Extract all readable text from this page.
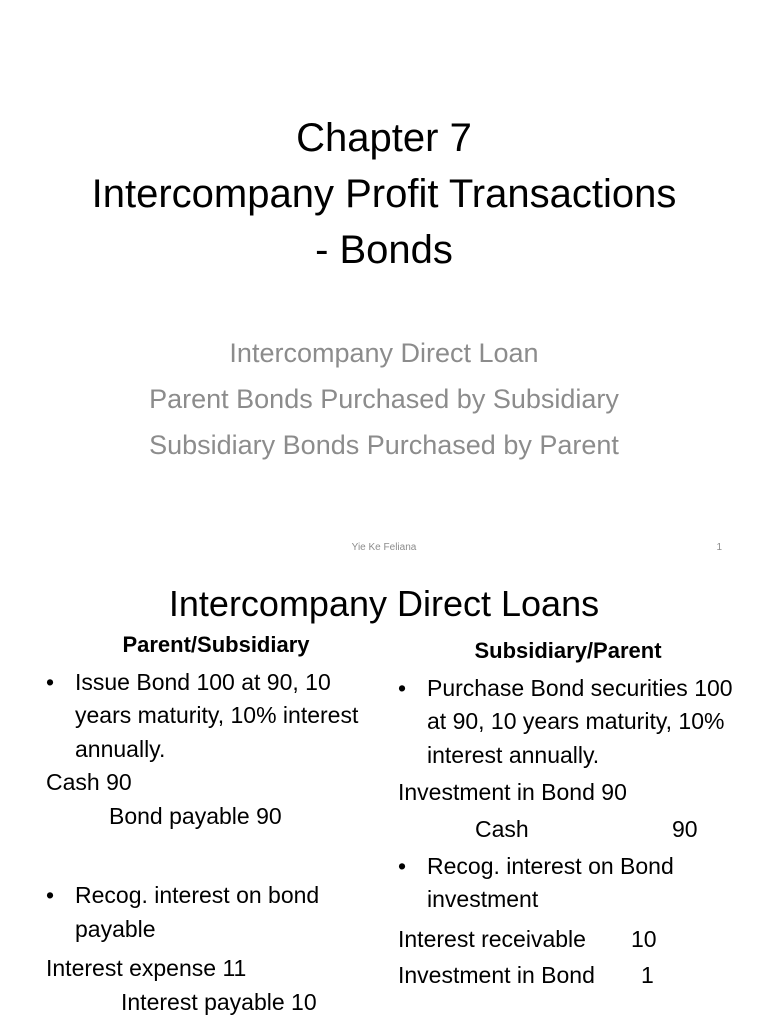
Chapter 7
Intercompany Profit Transactions
- Bonds
Intercompany Direct Loan
Parent Bonds Purchased by Subsidiary
Subsidiary Bonds Purchased by Parent
Yie Ke Feliana	1
Intercompany Direct Loans
Parent/Subsidiary
• Issue Bond 100 at 90, 10 years maturity, 10% interest annually.
Cash 90
Bond payable 90
• Recog. interest on bond payable
Interest expense 11
Interest payable 10
Subsidiary/Parent
• Purchase Bond securities 100 at 90, 10 years maturity, 10% interest annually.
Investment in Bond 90
Cash	90
• Recog. interest on Bond investment
Interest receivable 10
Investment in Bond 1
